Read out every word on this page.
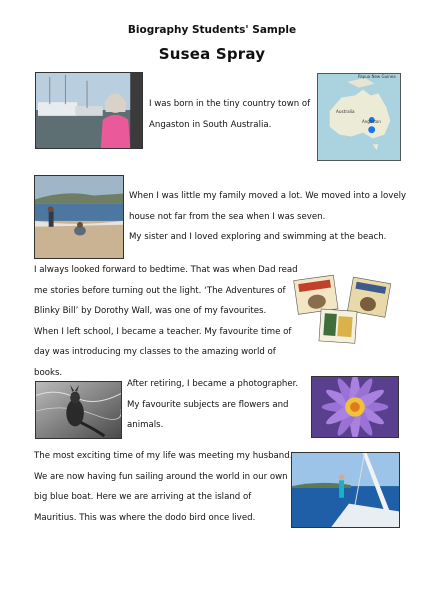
Biography Students' Sample
Susea Spray
I was born in the tiny country town of
Angaston in South Australia.
Papua New Guinea
Australia
Angaston
When I was little my family moved a lot. We moved into a lovely
house not far from the sea when I was seven.
My sister and I loved exploring and swimming at the beach.
I always looked forward to bedtime. That was when Dad read
me stories before turning out the light. ‘The Adventures of
Blinky Bill’ by Dorothy Wall, was one of my favourites.
When I left school, I became a teacher. My favourite time of
day was introducing my classes to the amazing world of
books.
After retiring, I became a photographer.
My favourite subjects are flowers and
animals.
The most exciting time of my life was meeting my husband.
We are now having fun sailing around the world in our own
big blue boat. Here we are arriving at the island of
Mauritius. This was where the dodo bird once lived.
